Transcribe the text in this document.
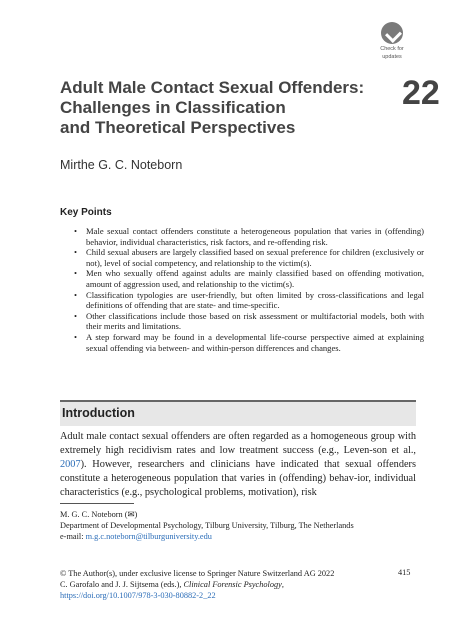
Check for
updates
22
Adult Male Contact Sexual Offenders:
Challenges in Classification
and Theoretical Perspectives
Mirthe G. C. Noteborn
Key Points
• Male sexual contact offenders constitute a heterogeneous population that varies in (offending) behavior, individual characteristics, risk factors, and re-offending risk.
• Child sexual abusers are largely classified based on sexual preference for children (exclusively or not), level of social competency, and relationship to the victim(s).
• Men who sexually offend against adults are mainly classified based on offending motivation, amount of aggression used, and relationship to the victim(s).
• Classification typologies are user-friendly, but often limited by cross-classifications and legal definitions of offending that are state- and time-specific.
• Other classifications include those based on risk assessment or multifactorial models, both with their merits and limitations.
• A step forward may be found in a developmental life-course perspective aimed at explaining sexual offending via between- and within-person differences and changes.
Introduction
Adult male contact sexual offenders are often regarded as a homogeneous group with extremely high recidivism rates and low treatment success (e.g., Leven-son et al., 2007). However, researchers and clinicians have indicated that sexual offenders constitute a heterogeneous population that varies in (offending) behav-ior, individual characteristics (e.g., psychological problems, motivation), risk
M. G. C. Noteborn (✉)
Department of Developmental Psychology, Tilburg University, Tilburg, The Netherlands
e-mail: m.g.c.noteborn@tilburguniversity.edu
© The Author(s), under exclusive license to Springer Nature Switzerland AG 2022
C. Garofalo and J. J. Sijtsema (eds.), Clinical Forensic Psychology,
https://doi.org/10.1007/978-3-030-80882-2_22
415
